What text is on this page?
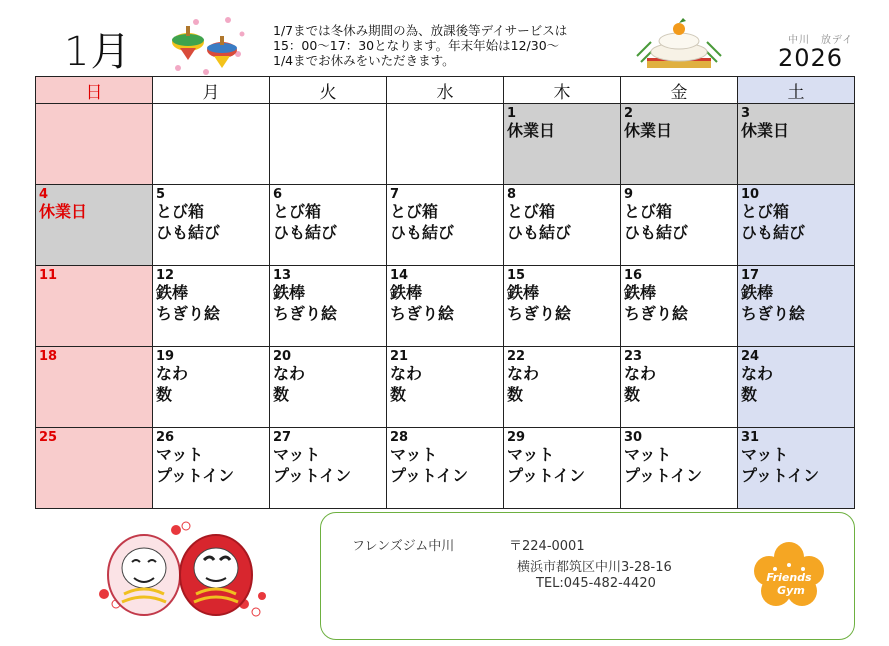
1月	1/7までは冬休み期間の為、放課後等デイサービスは
15：00～17：30となります。年末年始は12/30～
1/4までお休みをいただきます。
中川　放デイ
2026
日	月	火	水	木	金	土

				1
休業日	2
休業日	3
休業日

4
休業日	5
とび箱
ひも結び	6
とび箱
ひも結び	7
とび箱
ひも結び	8
とび箱
ひも結び	9
とび箱
ひも結び	10
とび箱
ひも結び

11	12
鉄棒
ちぎり絵	13
鉄棒
ちぎり絵	14
鉄棒
ちぎり絵	15
鉄棒
ちぎり絵	16
鉄棒
ちぎり絵	17
鉄棒
ちぎり絵

18	19
なわ
数	20
なわ
数	21
なわ
数	22
なわ
数	23
なわ
数	24
なわ
数

25	26
マット
プットイン	27
マット
プットイン	28
マット
プットイン	29
マット
プットイン	30
マット
プットイン	31
マット
プットイン
フレンズジム中川	〒224-0001
横浜市都筑区中川3-28-16
TEL:045-482-4420	Friends
Gym
